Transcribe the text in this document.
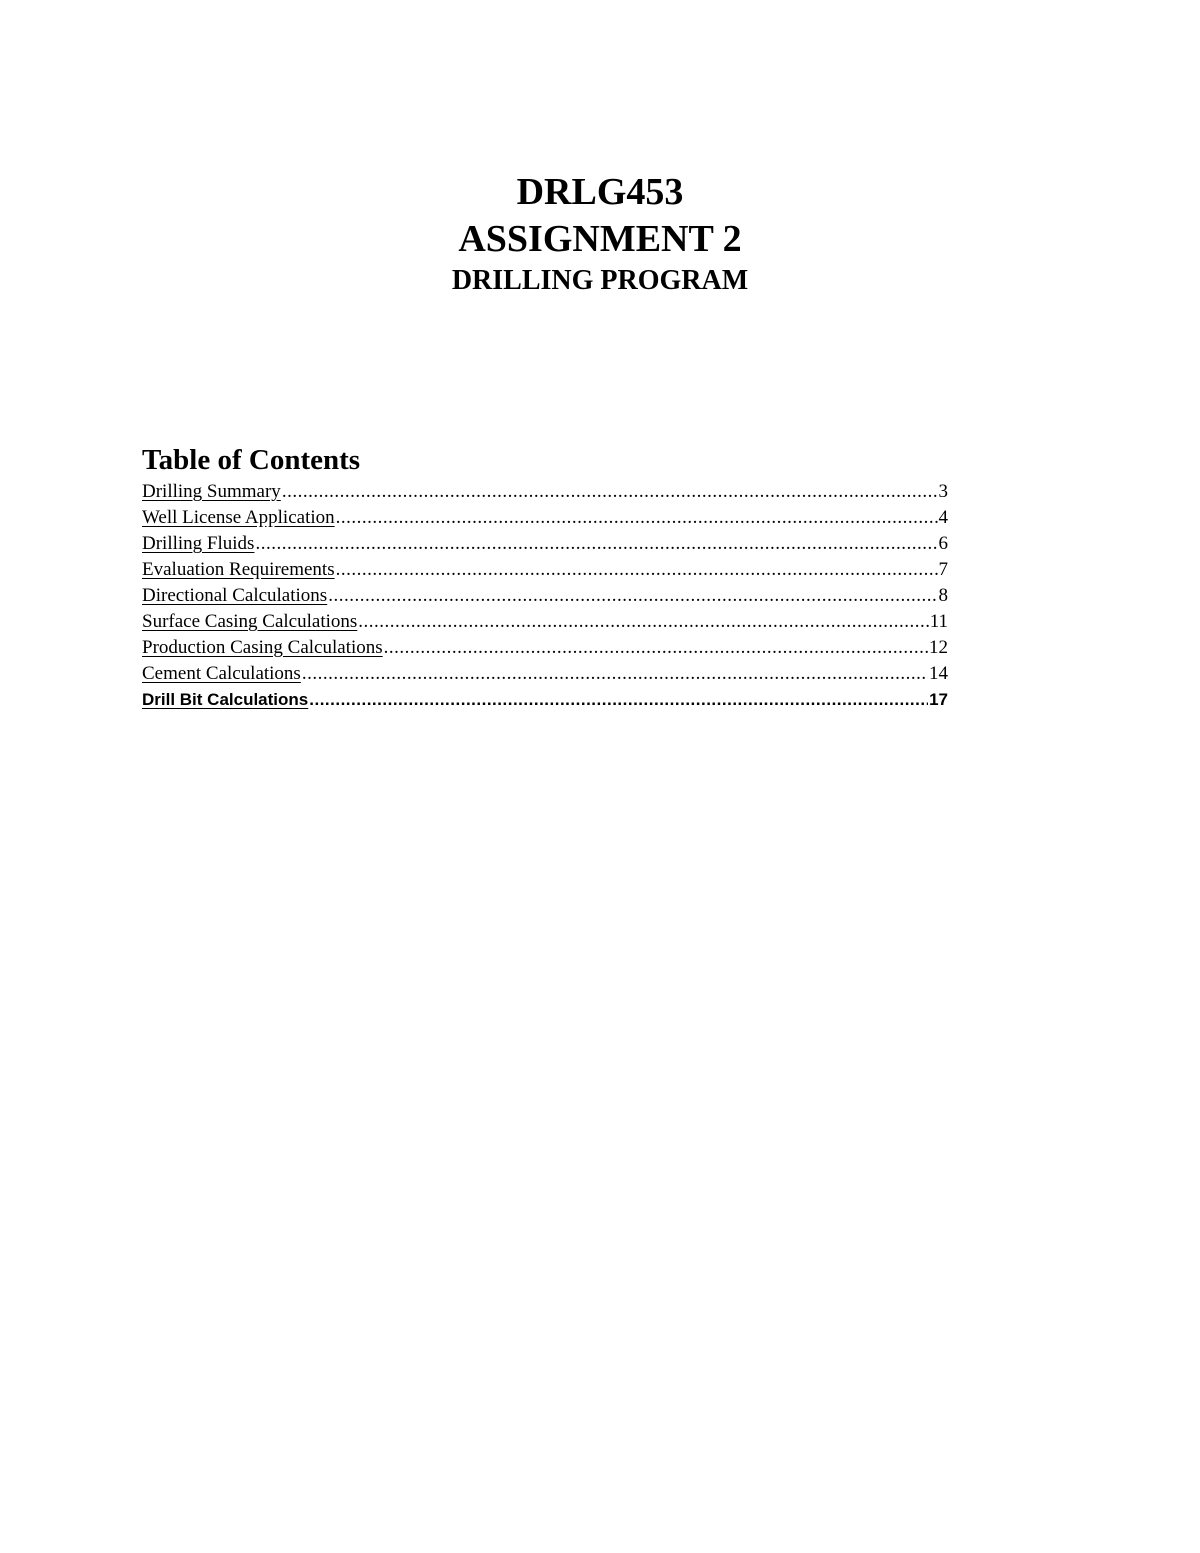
DRLG453
ASSIGNMENT 2
DRILLING PROGRAM
Table of Contents
Drilling Summary .....	3
Well License Application .....	4
Drilling Fluids .....	6
Evaluation Requirements .....	7
Directional Calculations .....	8
Surface Casing Calculations .....	11
Production Casing Calculations .....	12
Cement Calculations .....	14
Drill Bit Calculations .....	17
